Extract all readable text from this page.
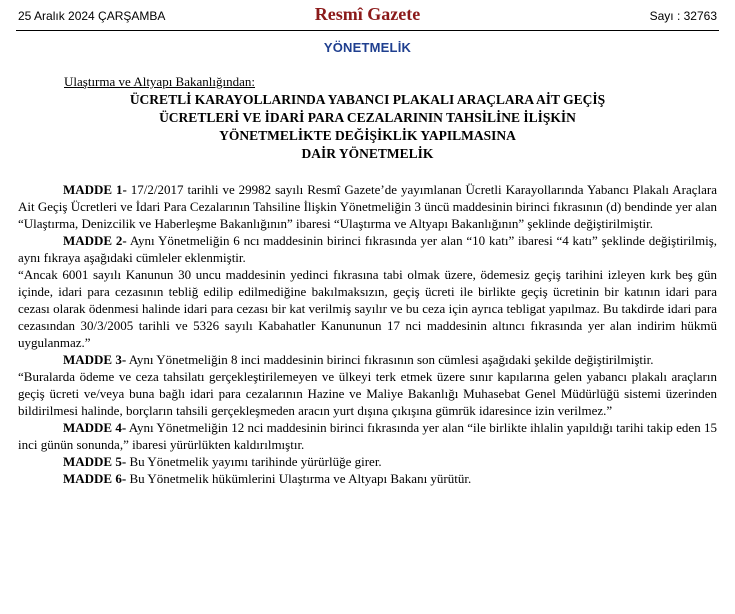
25 Aralık 2024 ÇARŞAMBA	Resmî Gazete	Sayı : 32763
YÖNETMELİK
Ulaştırma ve Altyapı Bakanlığından:
ÜCRETLİ KARAYOLLARINDA YABANCI PLAKALI ARAÇLARA AİT GEÇİŞ
ÜCRETLERİ VE İDARİ PARA CEZALARININ TAHSİLİNE İLİŞKİN
YÖNETMELİKTE DEĞİŞİKLİK YAPILMASINA
DAİR YÖNETMELİK

MADDE 1- 17/2/2017 tarihli ve 29982 sayılı Resmî Gazete’de yayımlanan Ücretli Karayollarında Yabancı Plakalı Araçlara Ait Geçiş Ücretleri ve İdari Para Cezalarının Tahsiline İlişkin Yönetmeliğin 3 üncü maddesinin birinci fıkrasının (d) bendinde yer alan “Ulaştırma, Denizcilik ve Haberleşme Bakanlığının” ibaresi “Ulaştırma ve Altyapı Bakanlığının” şeklinde değiştirilmiştir.

MADDE 2- Aynı Yönetmeliğin 6 ncı maddesinin birinci fıkrasında yer alan “10 katı” ibaresi “4 katı” şeklinde değiştirilmiş, aynı fıkraya aşağıdaki cümleler eklenmiştir.

“Ancak 6001 sayılı Kanunun 30 uncu maddesinin yedinci fıkrasına tabi olmak üzere, ödemesiz geçiş tarihini izleyen kırk beş gün içinde, idari para cezasının tebliğ edilip edilmediğine bakılmaksızın, geçiş ücreti ile birlikte geçiş ücretinin bir katının idari para cezası olarak ödenmesi halinde idari para cezası bir kat verilmiş sayılır ve bu ceza için ayrıca tebligat yapılmaz. Bu takdirde idari para cezasından 30/3/2005 tarihli ve 5326 sayılı Kabahatler Kanununun 17 nci maddesinin altıncı fıkrasında yer alan indirim hükmü uygulanmaz.”

MADDE 3- Aynı Yönetmeliğin 8 inci maddesinin birinci fıkrasının son cümlesi aşağıdaki şekilde değiştirilmiştir.

“Buralarda ödeme ve ceza tahsilatı gerçekleştirilemeyen ve ülkeyi terk etmek üzere sınır kapılarına gelen yabancı plakalı araçların geçiş ücreti ve/veya buna bağlı idari para cezalarının Hazine ve Maliye Bakanlığı Muhasebat Genel Müdürlüğü sistemi üzerinden bildirilmesi halinde, borçların tahsili gerçekleşmeden aracın yurt dışına çıkışına gümrük idaresince izin verilmez.”

MADDE 4- Aynı Yönetmeliğin 12 nci maddesinin birinci fıkrasında yer alan “ile birlikte ihlalin yapıldığı tarihi takip eden 15 inci günün sonunda,” ibaresi yürürlükten kaldırılmıştır.

MADDE 5- Bu Yönetmelik yayımı tarihinde yürürlüğe girer.

MADDE 6- Bu Yönetmelik hükümlerini Ulaştırma ve Altyapı Bakanı yürütür.
